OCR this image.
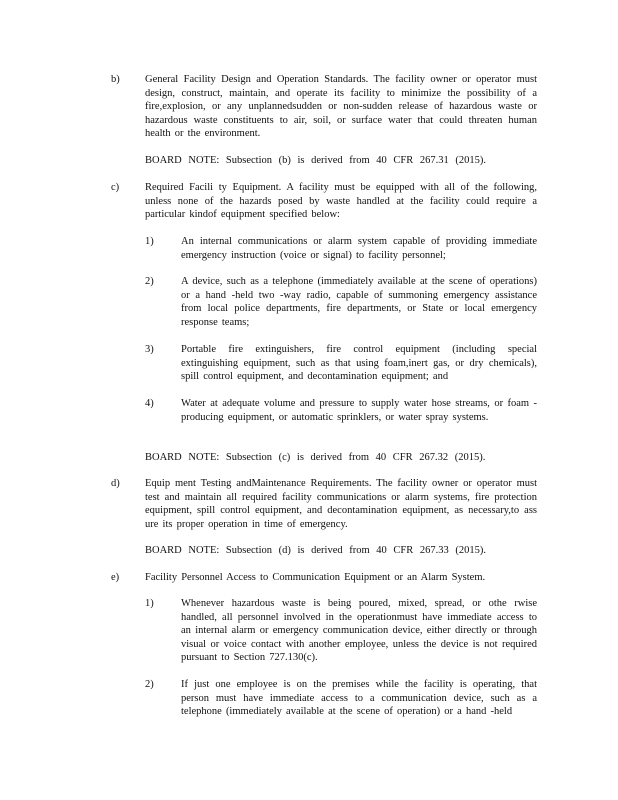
b) General Facility Design and Operation Standards. The facility owner or operator must design, construct, maintain, and operate its facility to minimize the possibility of a fire,explosion, or any unplannedsudden or non-sudden release of hazardous waste or hazardous waste constituents to air, soil, or surface water that could threaten human health or the environment.
BOARD NOTE: Subsection (b) is derived from 40 CFR 267.31 (2015).
c) Required Facili ty Equipment. A facility must be equipped with all of the following, unless none of the hazards posed by waste handled at the facility could require a particular kindof equipment specified below:
1)	An internal communications or alarm system capable of providing immediate emergency instruction (voice or signal) to facility personnel;
2)	A device, such as a telephone (immediately available at the scene of operations) or a hand -held two -way radio, capable of summoning emergency assistance from local police departments, fire departments, or State or local emergency response teams;
3)	Portable fire extinguishers, fire control equipment (including special extinguishing equipment, such as that using foam,inert gas, or dry chemicals), spill control equipment, and decontamination equipment; and
4)	Water at adequate volume and pressure to supply water hose streams, or foam -producing equipment, or automatic sprinklers, or water spray systems.
BOARD NOTE: Subsection (c) is derived from 40 CFR 267.32 (2015).
d) Equip ment Testing andMaintenance Requirements. The facility owner or operator must test and maintain all required facility communications or alarm systems, fire protection equipment, spill control equipment, and decontamination equipment, as necessary,to ass ure its proper operation in time of emergency.
BOARD NOTE: Subsection (d) is derived from 40 CFR 267.33 (2015).
e) Facility Personnel Access to Communication Equipment or an Alarm System.
1)	Whenever hazardous waste is being poured, mixed, spread, or othe rwise handled, all personnel involved in the operationmust have immediate access to an internal alarm or emergency communication device, either directly or through visual or voice contact with another employee, unless the device is not required pursuant to Section 727.130(c).
2)	If just one employee is on the premises while the facility is operating, that person must have immediate access to a communication device, such as a telephone (immediately available at the scene of operation) or a hand -held
